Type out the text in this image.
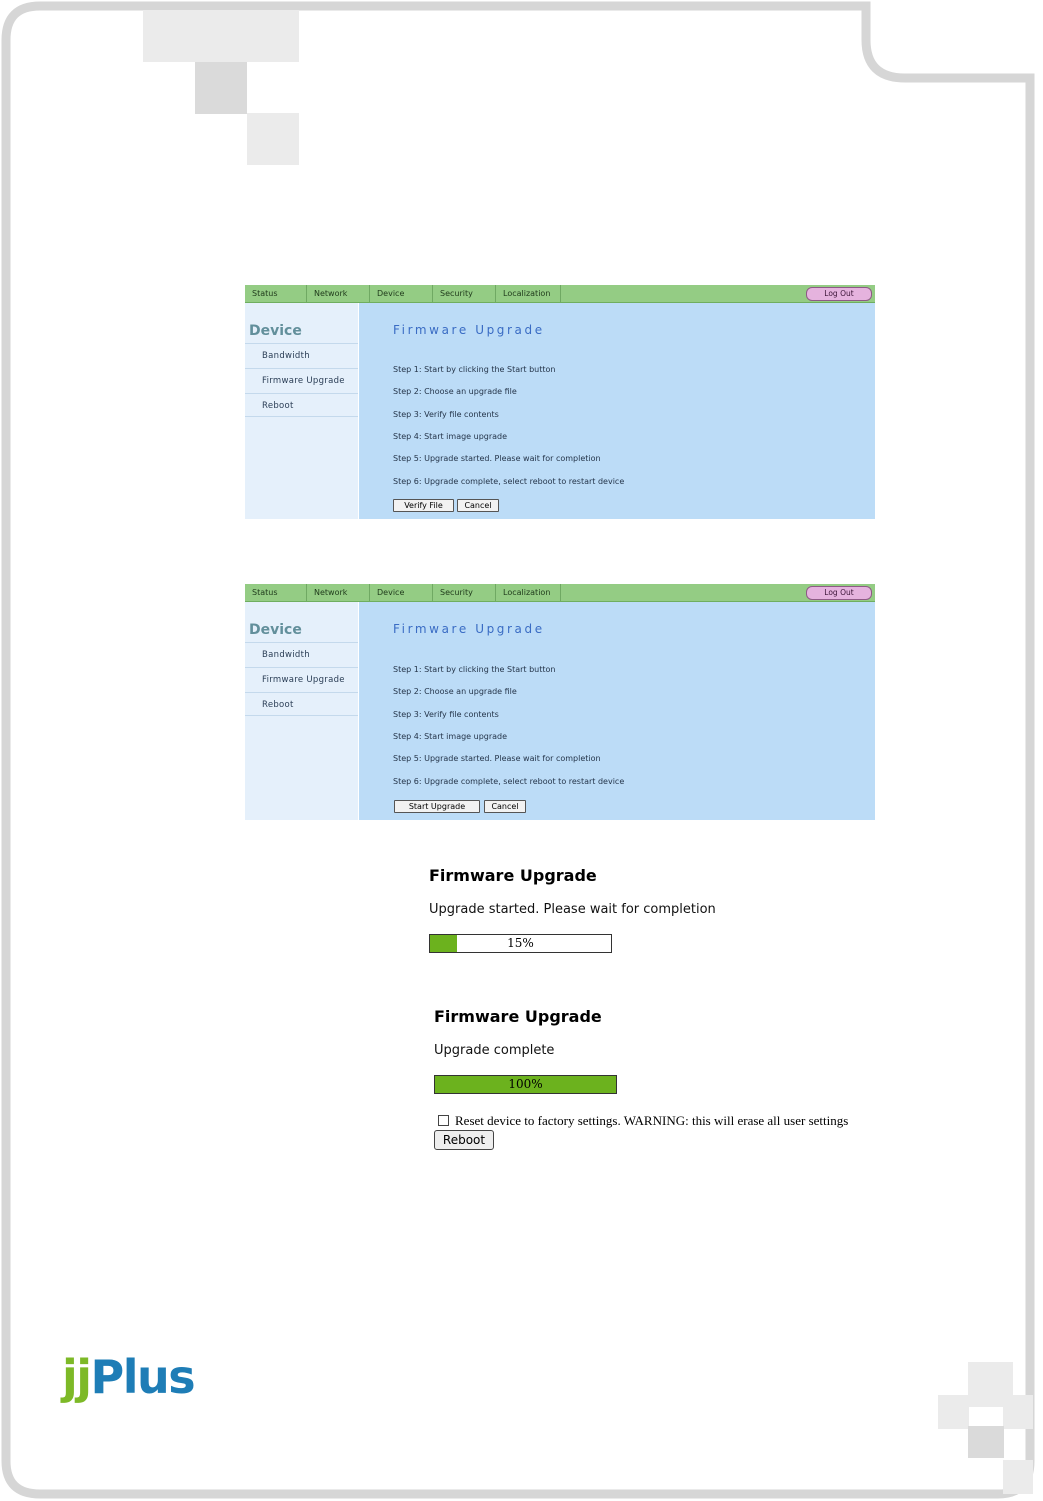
Status	Network	Device	Security	Localization	Log Out
Device
Bandwidth
Firmware Upgrade
Reboot
Firmware Upgrade
Step 1: Start by clicking the Start button
Step 2: Choose an upgrade file
Step 3: Verify file contents
Step 4: Start image upgrade
Step 5: Upgrade started. Please wait for completion
Step 6: Upgrade complete, select reboot to restart device
Verify File	Cancel
Status	Network	Device	Security	Localization	Log Out
Device
Bandwidth
Firmware Upgrade
Reboot
Firmware Upgrade
Step 1: Start by clicking the Start button
Step 2: Choose an upgrade file
Step 3: Verify file contents
Step 4: Start image upgrade
Step 5: Upgrade started. Please wait for completion
Step 6: Upgrade complete, select reboot to restart device
Start Upgrade	Cancel
Firmware Upgrade
Upgrade started. Please wait for completion
15%
Firmware Upgrade
Upgrade complete
100%
Reset device to factory settings. WARNING: this will erase all user settings
Reboot
jjPlus
